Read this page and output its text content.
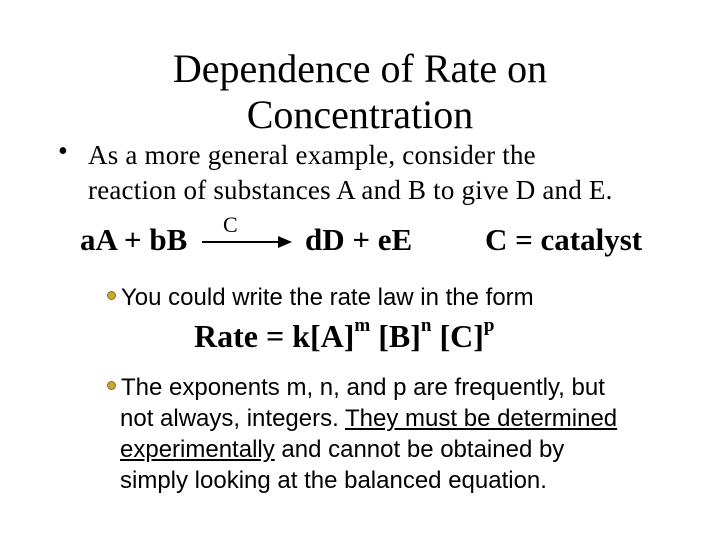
Dependence of Rate on
Concentration
• As a more general example, consider the
reaction of substances A and B to give D and E.
aA + bB C dD + eE C = catalyst
You could write the rate law in the form
Rate = $k[A]^m$ $[B]^n$ $[C]^p$
The exponents m, n, and p are frequently, but
not always, integers. They must be determined
experimentally and cannot be obtained by
simply looking at the balanced equation.
